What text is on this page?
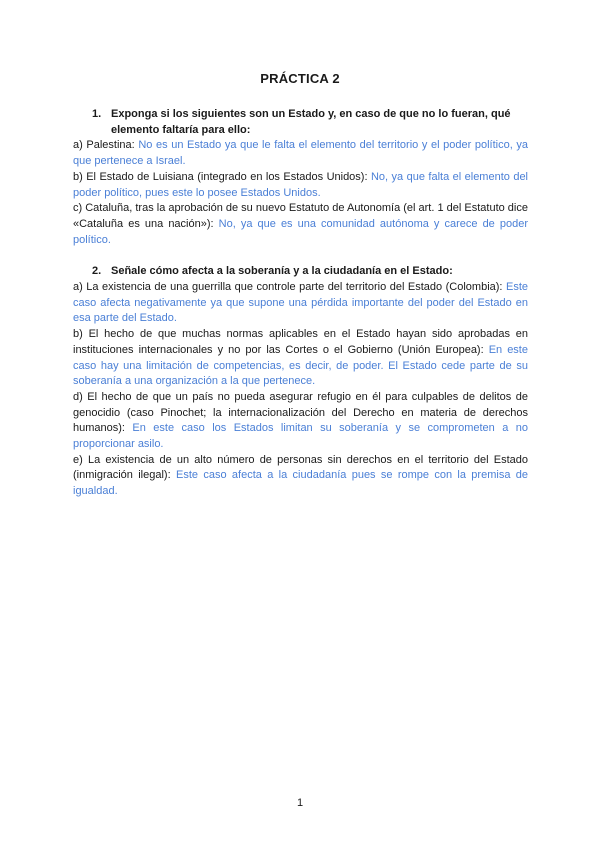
PRÁCTICA 2
1. Exponga si los siguientes son un Estado y, en caso de que no lo fueran, qué elemento faltaría para ello:

a) Palestina: No es un Estado ya que le falta el elemento del territorio y el poder político, ya que pertenece a Israel.

b) El Estado de Luisiana (integrado en los Estados Unidos): No, ya que falta el elemento del poder político, pues este lo posee Estados Unidos.

c) Cataluña, tras la aprobación de su nuevo Estatuto de Autonomía (el art. 1 del Estatuto dice «Cataluña es una nación»): No, ya que es una comunidad autónoma y carece de poder político.

2. Señale cómo afecta a la soberanía y a la ciudadanía en el Estado:

a) La existencia de una guerrilla que controle parte del territorio del Estado (Colombia): Este caso afecta negativamente ya que supone una pérdida importante del poder del Estado en esa parte del Estado.

b) El hecho de que muchas normas aplicables en el Estado hayan sido aprobadas en instituciones internacionales y no por las Cortes o el Gobierno (Unión Europea): En este caso hay una limitación de competencias, es decir, de poder. El Estado cede parte de su soberanía a una organización a la que pertenece.

d) El hecho de que un país no pueda asegurar refugio en él para culpables de delitos de genocidio (caso Pinochet; la internacionalización del Derecho en materia de derechos humanos): En este caso los Estados limitan su soberanía y se comprometen a no proporcionar asilo.

e) La existencia de un alto número de personas sin derechos en el territorio del Estado (inmigración ilegal): Este caso afecta a la ciudadanía pues se rompe con la premisa de igualdad.

1
